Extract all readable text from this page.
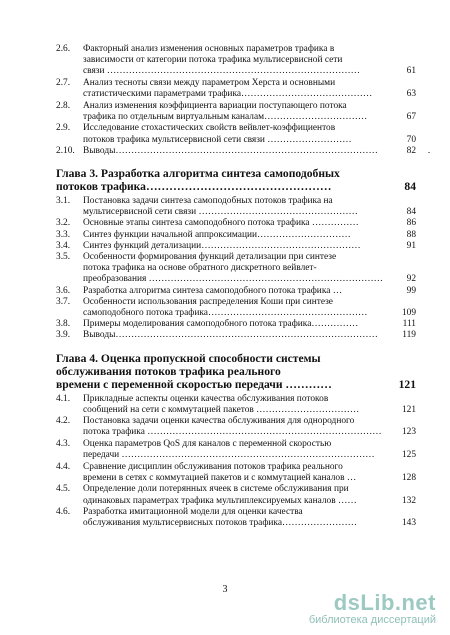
2.6. Факторный анализ изменения основных параметров трафика в
зависимости от категории потока трафика мультисервисной сети
связи ………………………………………………………………………	61
2.7. Анализ тесноты связи между параметром Херста и основными
статистическими параметрами трафика……………………………………	63
2.8. Анализ изменения коэффициента вариации поступающего потока
трафика по отдельным виртуальным каналам……………………………	67
2.9. Исследование стохастических свойств вейвлет-коэффициентов
потоков трафика мультисервисной сети связи ………………………	70
2.10. Выводы…………………………………………………………………………	82
Глава 3. Разработка алгоритма синтеза самоподобных
потоков трафика…………………………………………	84
3.1. Постановка задачи синтеза самоподобных потоков трафика на
мультисервисной сети связи ……………………………………………	84
3.2. Основные этапы синтеза самоподобного потока трафика ……………	86
3.3. Синтез функции начальной аппроксимации…………………………	88
3.4. Синтез функций детализации……………………………………………	91
3.5. Особенности формирования функций детализации при синтезе
потока трафика на основе обратного дискретного вейвлет-
преобразования …………………………………………………………………	92
3.6. Разработка алгоритма синтеза самоподобного потока трафика …	99
3.7. Особенности использования распределения Коши при синтезе
самоподобного потока трафика……………………………………………	109
3.8. Примеры моделирования самоподобного потока трафика……………	111
3.9. Выводы…………………………………………………………………………	119
Глава 4. Оценка пропускной способности системы
обслуживания потоков трафика реального
времени с переменной скоростью передачи …………	121
4.1. Прикладные аспекты оценки качества обслуживания потоков
сообщений на сети с коммутацией пакетов ……………………………	121
4.2. Постановка задачи оценки качества обслуживания для однородного
потока трафика …………………………………………………………………	123
4.3. Оценка параметров QoS для каналов с переменной скоростью
передачи ………………………………………………………………………	125
4.4. Сравнение дисциплин обслуживания потоков трафика реального
времени в сетях с коммутацией пакетов и с коммутацией каналов …	128
4.5. Определение доли потерянных ячеек в системе обслуживания при
одинаковых параметрах трафика мультиплексируемых каналов ……	132
4.6. Разработка имитационной модели для оценки качества
обслуживания мультисервисных потоков трафика……………………	143
3
dsLib.net
библиотека диссертаций
